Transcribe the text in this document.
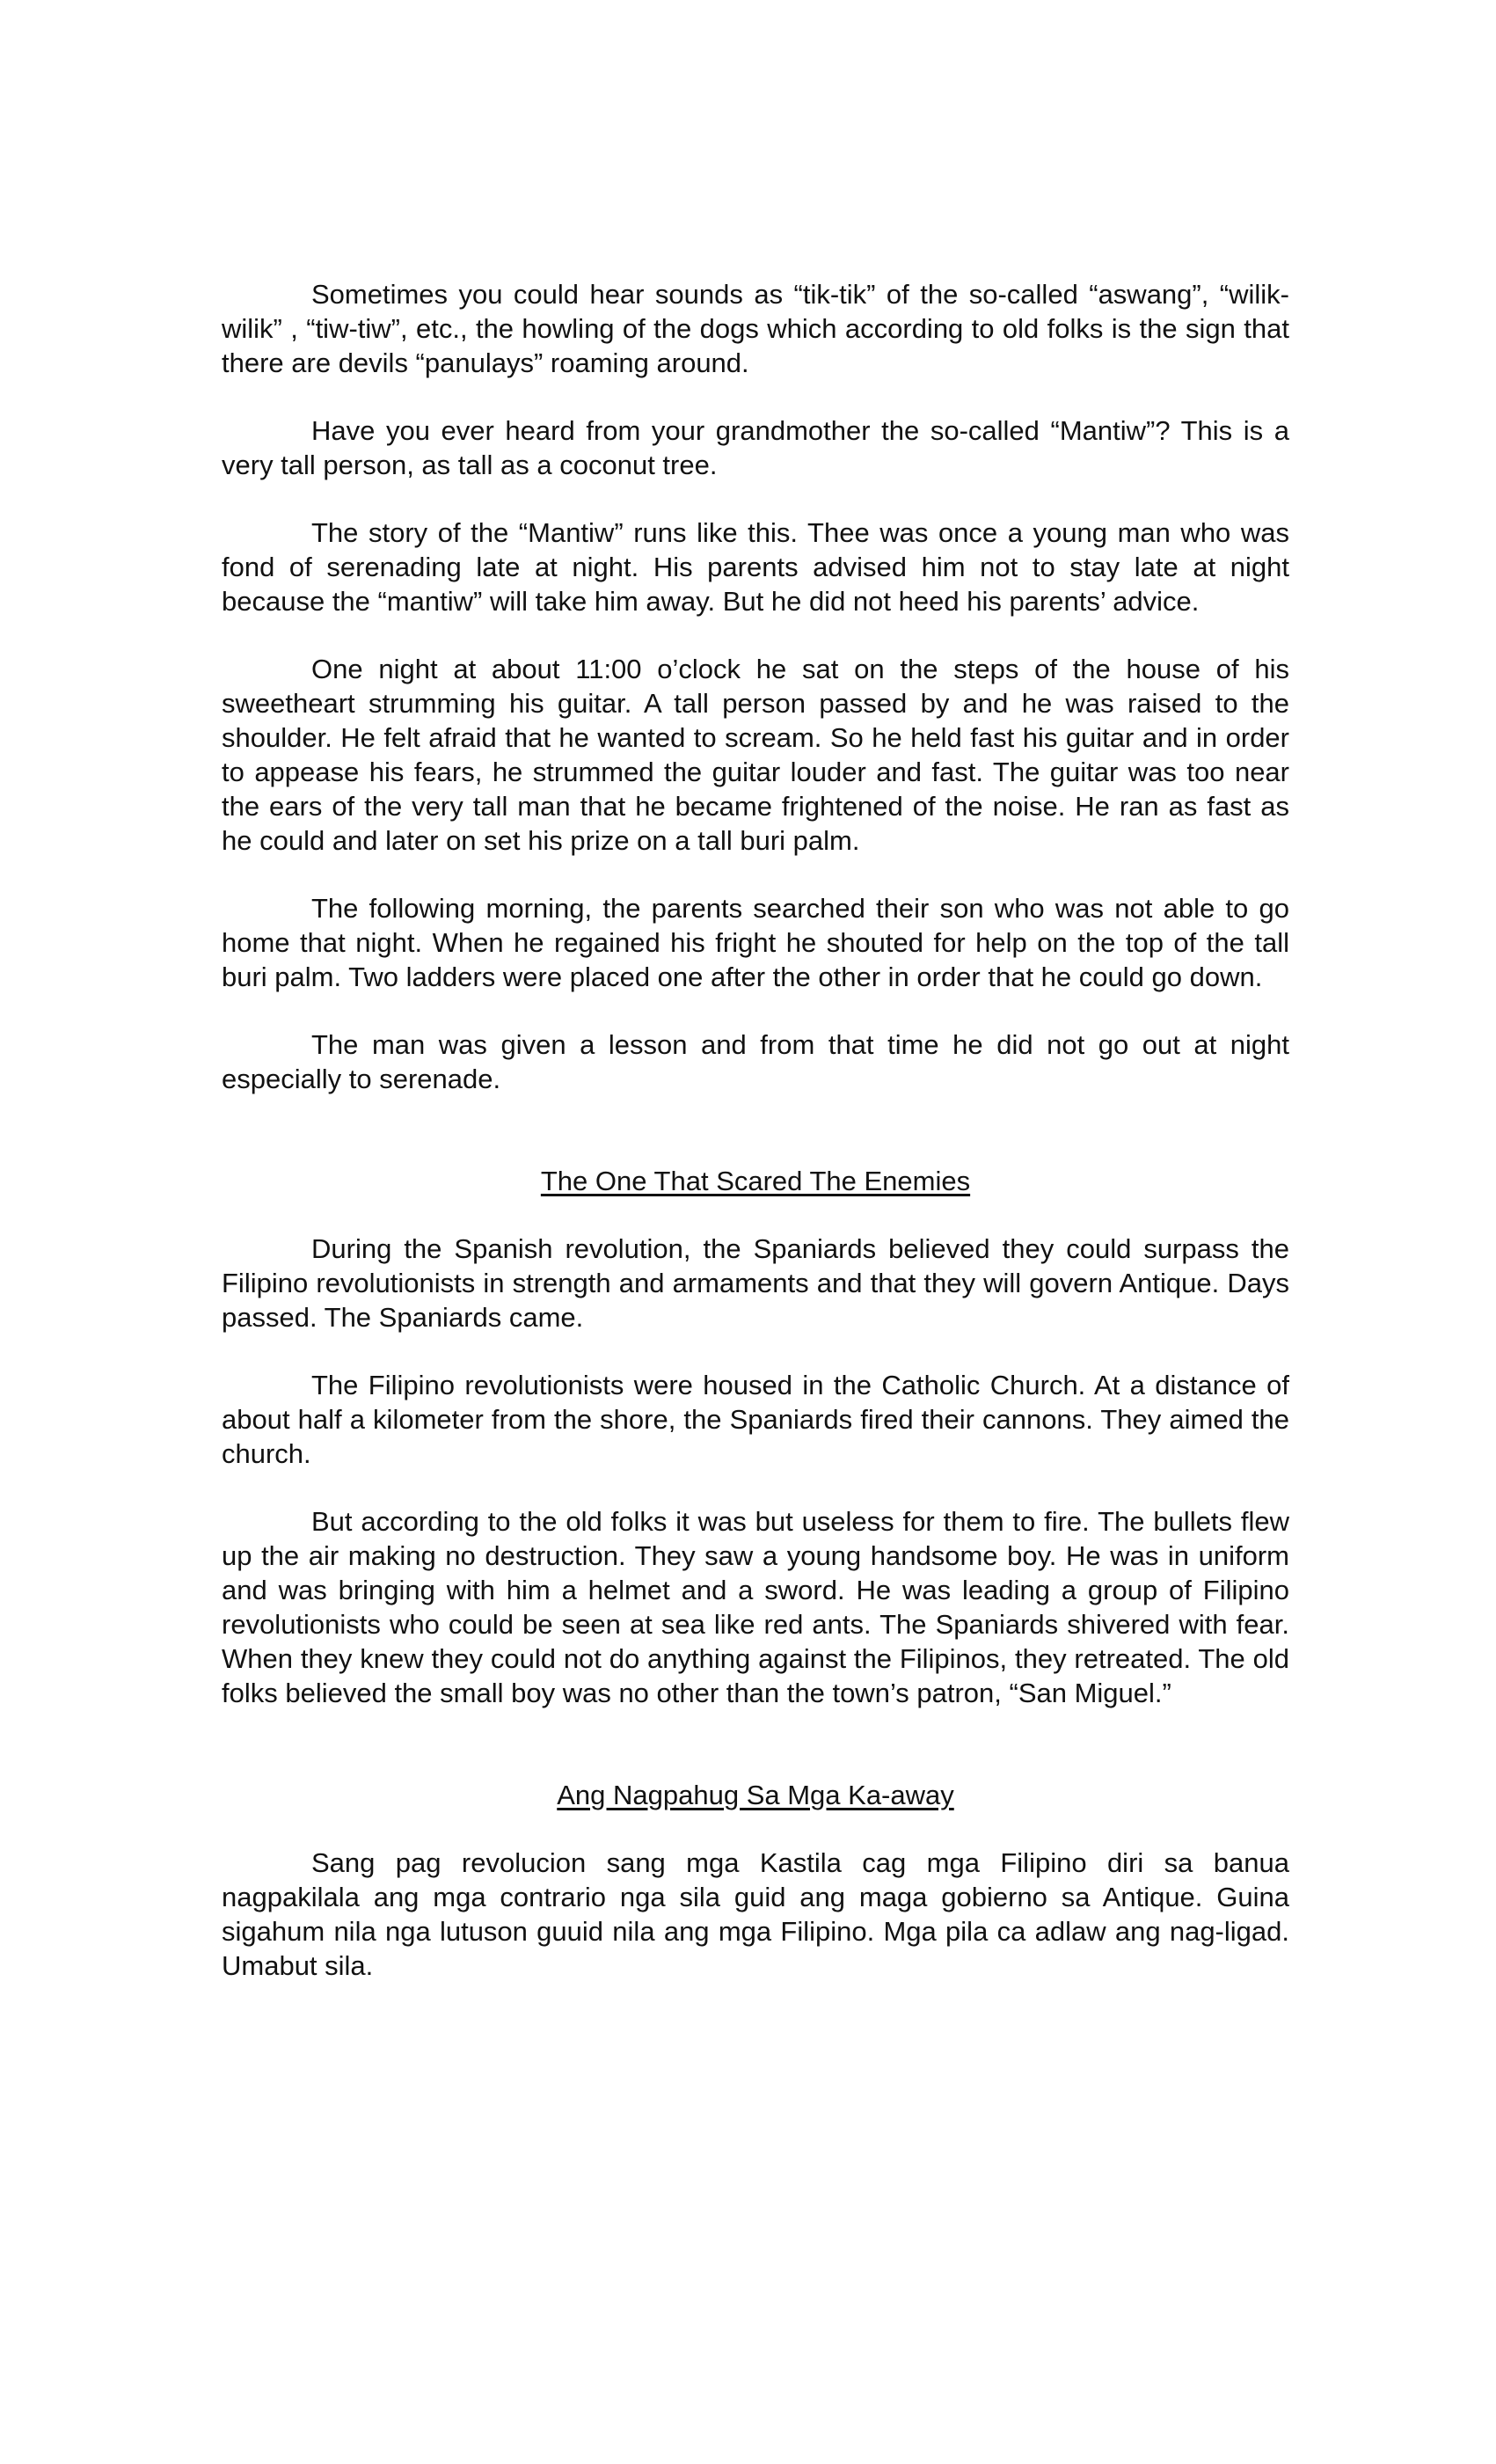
Sometimes you could hear sounds as “tik-tik” of the so-called “aswang”, “wilik-wilik” , “tiw-tiw”, etc., the howling of the dogs which according to old folks is the sign that there are devils “panulays” roaming around.

Have you ever heard from your grandmother the so-called “Mantiw”? This is a very tall person, as tall as a coconut tree.

The story of the “Mantiw” runs like this. Thee was once a young man who was fond of serenading late at night. His parents advised him not to stay late at night because the “mantiw” will take him away. But he did not heed his parents’ advice.

One night at about 11:00 o’clock he sat on the steps of the house of his sweetheart strumming his guitar. A tall person passed by and he was raised to the shoulder. He felt afraid that he wanted to scream. So he held fast his guitar and in order to appease his fears, he strummed the guitar louder and fast. The guitar was too near the ears of the very tall man that he became frightened of the noise. He ran as fast as he could and later on set his prize on a tall buri palm.

The following morning, the parents searched their son who was not able to go home that night. When he regained his fright he shouted for help on the top of the tall buri palm. Two ladders were placed one after the other in order that he could go down.

The man was given a lesson and from that time he did not go out at night especially to serenade.

The One That Scared The Enemies

During the Spanish revolution, the Spaniards believed they could surpass the Filipino revolutionists in strength and armaments and that they will govern Antique. Days passed. The Spaniards came.

The Filipino revolutionists were housed in the Catholic Church. At a distance of about half a kilometer from the shore, the Spaniards fired their cannons. They aimed the church.

But according to the old folks it was but useless for them to fire. The bullets flew up the air making no destruction. They saw a young handsome boy. He was in uniform and was bringing with him a helmet and a sword. He was leading a group of Filipino revolutionists who could be seen at sea like red ants. The Spaniards shivered with fear. When they knew they could not do anything against the Filipinos, they retreated. The old folks believed the small boy was no other than the town’s patron, “San Miguel.”

Ang Nagpahug Sa Mga Ka-away

Sang pag revolucion sang mga Kastila cag mga Filipino diri sa banua nagpakilala ang mga contrario nga sila guid ang maga gobierno sa Antique. Guina sigahum nila nga lutuson guuid nila ang mga Filipino. Mga pila ca adlaw ang nag-ligad. Umabut sila.
